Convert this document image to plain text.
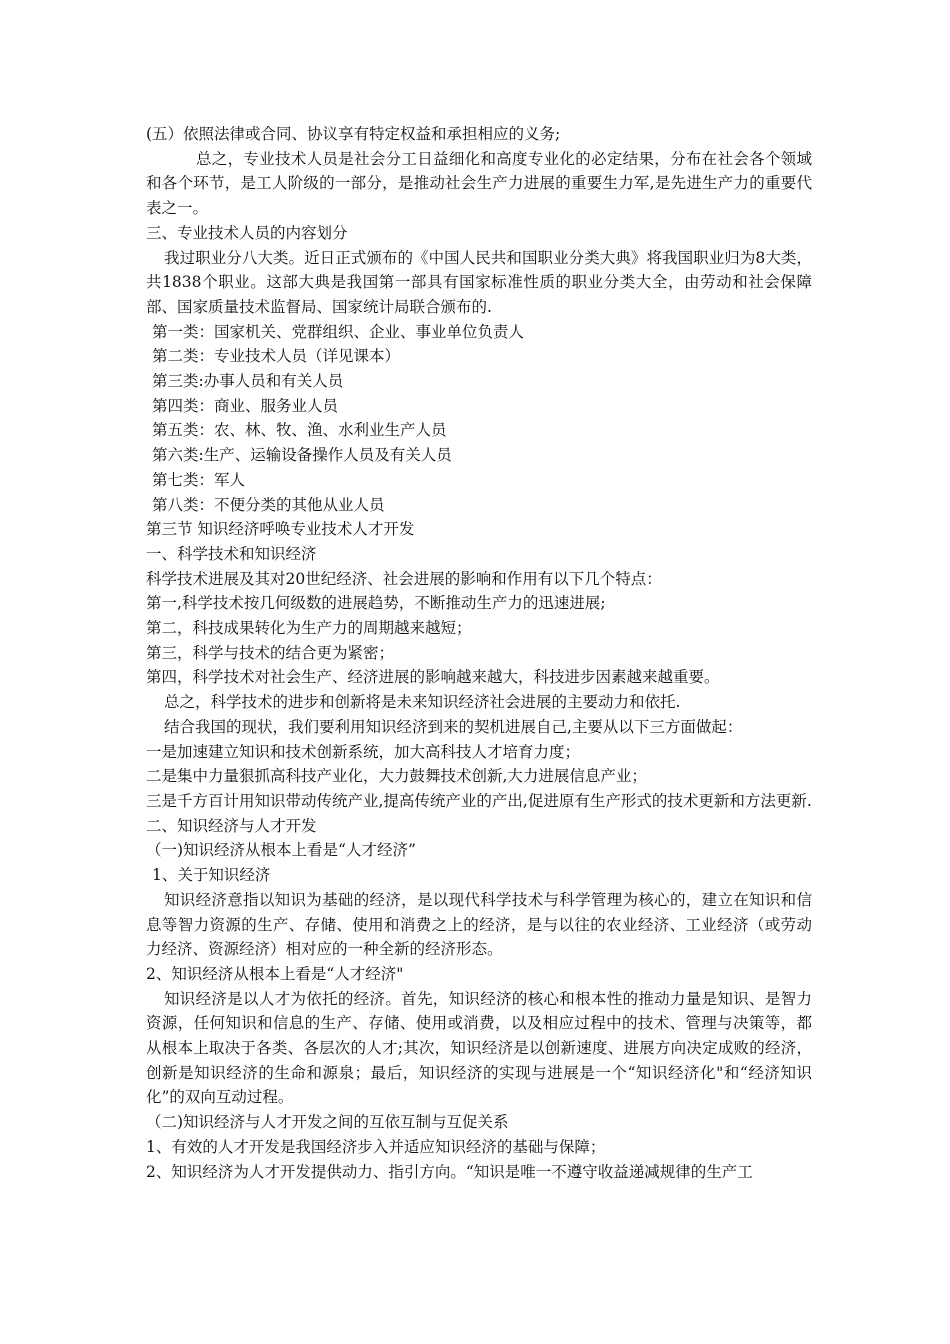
(五）依照法律或合同、协议享有特定权益和承担相应的义务;

总之，专业技术人员是社会分工日益细化和高度专业化的必定结果，分布在社会各个领域和各个环节，是工人阶级的一部分，是推动社会生产力进展的重要生力军,是先进生产力的重要代表之一。

三、专业技术人员的内容划分

我过职业分八大类。近日正式颁布的《中国人民共和国职业分类大典》将我国职业归为8大类，共1838个职业。这部大典是我国第一部具有国家标准性质的职业分类大全，由劳动和社会保障部、国家质量技术监督局、国家统计局联合颁布的.

第一类：国家机关、党群组织、企业、事业单位负责人

第二类：专业技术人员（详见课本）

第三类:办事人员和有关人员

第四类：商业、服务业人员

第五类：农、林、牧、渔、水利业生产人员

第六类:生产、运输设备操作人员及有关人员

第七类：军人

第八类：不便分类的其他从业人员

第三节 知识经济呼唤专业技术人才开发

一、科学技术和知识经济

科学技术进展及其对20世纪经济、社会进展的影响和作用有以下几个特点：

第一,科学技术按几何级数的进展趋势，不断推动生产力的迅速进展;

第二，科技成果转化为生产力的周期越来越短；

第三，科学与技术的结合更为紧密；

第四，科学技术对社会生产、经济进展的影响越来越大，科技进步因素越来越重要。

总之，科学技术的进步和创新将是未来知识经济社会进展的主要动力和依托.

结合我国的现状，我们要利用知识经济到来的契机进展自己,主要从以下三方面做起：

一是加速建立知识和技术创新系统，加大高科技人才培育力度；

二是集中力量狠抓高科技产业化，大力鼓舞技术创新,大力进展信息产业；

三是千方百计用知识带动传统产业,提高传统产业的产出,促进原有生产形式的技术更新和方法更新.

二、知识经济与人才开发

（一)知识经济从根本上看是“人才经济”

1、关于知识经济

知识经济意指以知识为基础的经济，是以现代科学技术与科学管理为核心的，建立在知识和信息等智力资源的生产、存储、使用和消费之上的经济，是与以往的农业经济、工业经济（或劳动力经济、资源经济）相对应的一种全新的经济形态。

2、知识经济从根本上看是“人才经济"

知识经济是以人才为依托的经济。首先，知识经济的核心和根本性的推动力量是知识、是智力资源，任何知识和信息的生产、存储、使用或消费，以及相应过程中的技术、管理与决策等，都从根本上取决于各类、各层次的人才;其次，知识经济是以创新速度、进展方向决定成败的经济，创新是知识经济的生命和源泉；最后，知识经济的实现与进展是一个“知识经济化"和“经济知识化”的双向互动过程。

（二)知识经济与人才开发之间的互依互制与互促关系

1、有效的人才开发是我国经济步入并适应知识经济的基础与保障；

2、知识经济为人才开发提供动力、指引方向。“知识是唯一不遵守收益递减规律的生产工
